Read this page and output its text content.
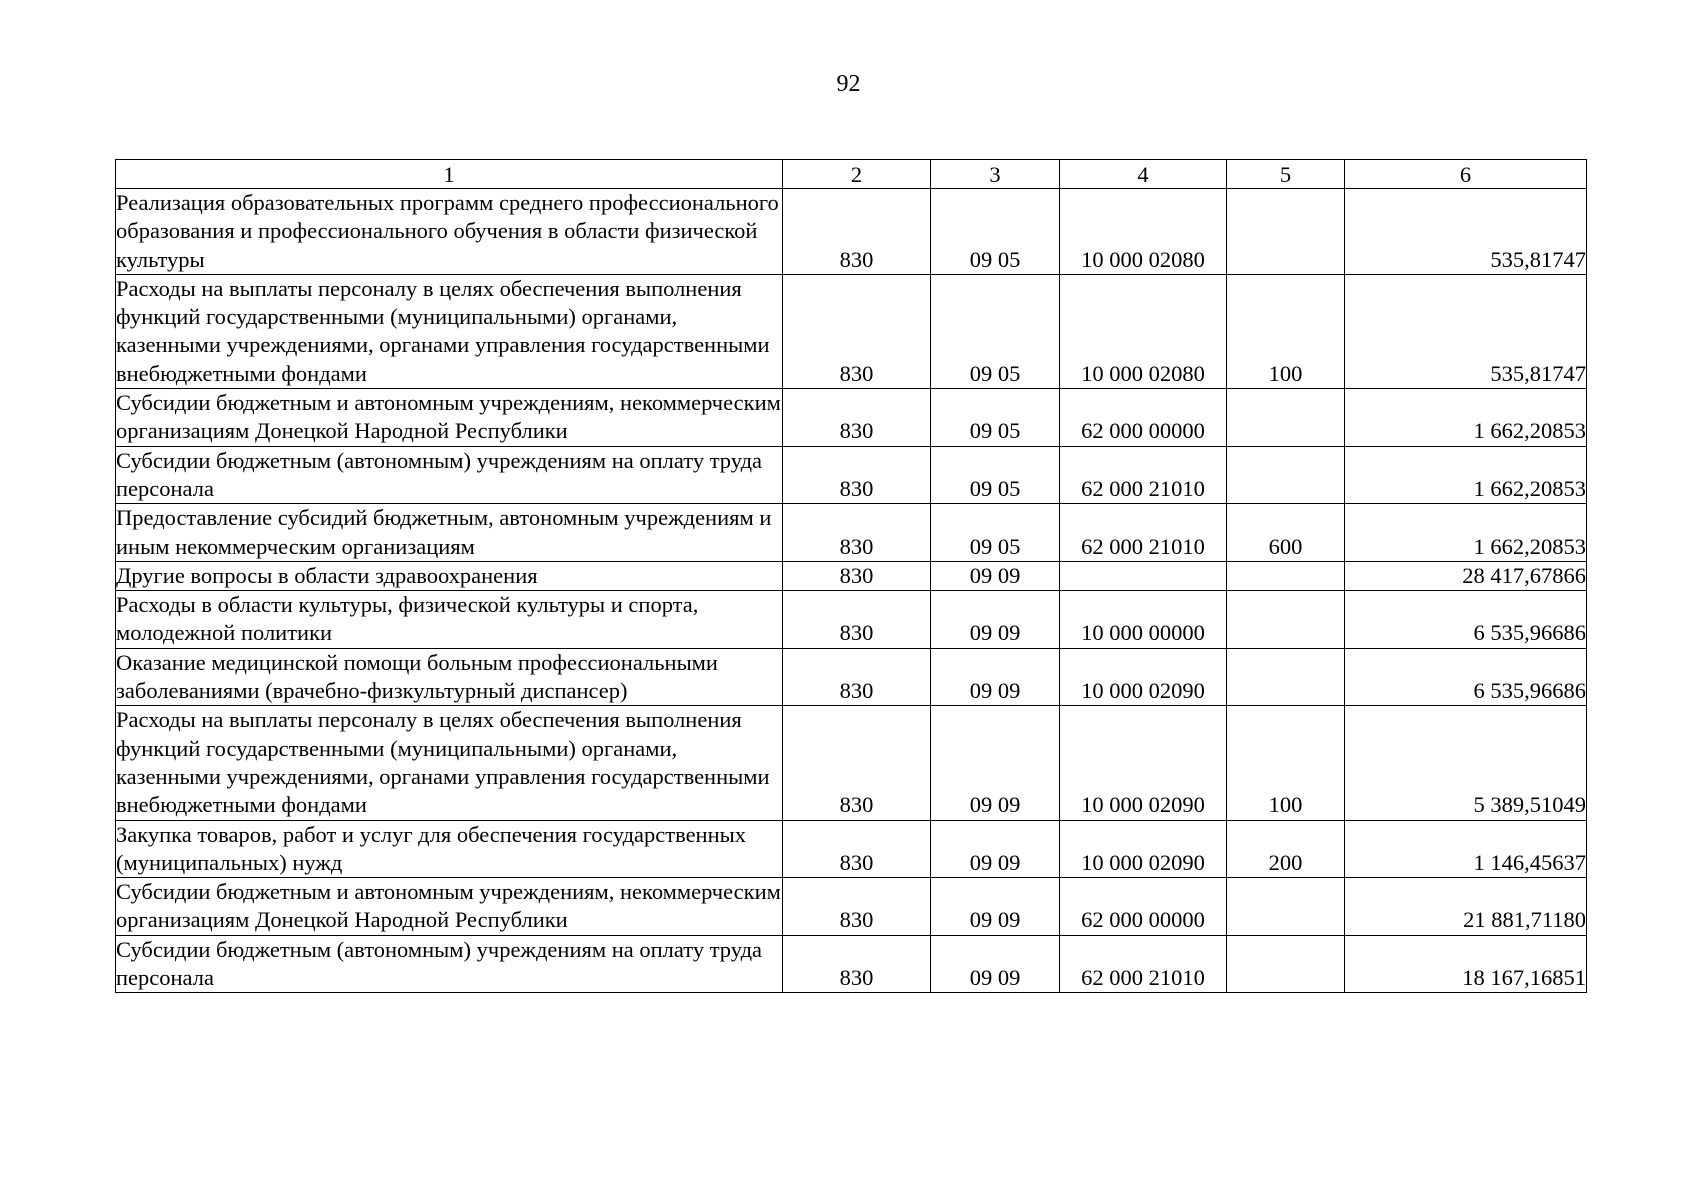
92
1	2	3	4	5	6
Реализация образовательных программ среднего профессионального образования и профессионального обучения в области физической культуры	830	09 05	10 000 02080		535,81747
Расходы на выплаты персоналу в целях обеспечения выполнения функций государственными (муниципальными) органами, казенными учреждениями, органами управления государственными внебюджетными фондами	830	09 05	10 000 02080	100	535,81747
Субсидии бюджетным и автономным учреждениям, некоммерческим организациям Донецкой Народной Республики	830	09 05	62 000 00000		1 662,20853
Субсидии бюджетным (автономным) учреждениям на оплату труда персонала	830	09 05	62 000 21010		1 662,20853
Предоставление субсидий бюджетным, автономным учреждениям и иным некоммерческим организациям	830	09 05	62 000 21010	600	1 662,20853
Другие вопросы в области здравоохранения	830	09 09			28 417,67866
Расходы в области культуры, физической культуры и спорта, молодежной политики	830	09 09	10 000 00000		6 535,96686
Оказание медицинской помощи больным профессиональными заболеваниями (врачебно-физкультурный диспансер)	830	09 09	10 000 02090		6 535,96686
Расходы на выплаты персоналу в целях обеспечения выполнения функций государственными (муниципальными) органами, казенными учреждениями, органами управления государственными внебюджетными фондами	830	09 09	10 000 02090	100	5 389,51049
Закупка товаров, работ и услуг для обеспечения государственных (муниципальных) нужд	830	09 09	10 000 02090	200	1 146,45637
Субсидии бюджетным и автономным учреждениям, некоммерческим организациям Донецкой Народной Республики	830	09 09	62 000 00000		21 881,71180
Субсидии бюджетным (автономным) учреждениям на оплату труда персонала	830	09 09	62 000 21010		18 167,16851
